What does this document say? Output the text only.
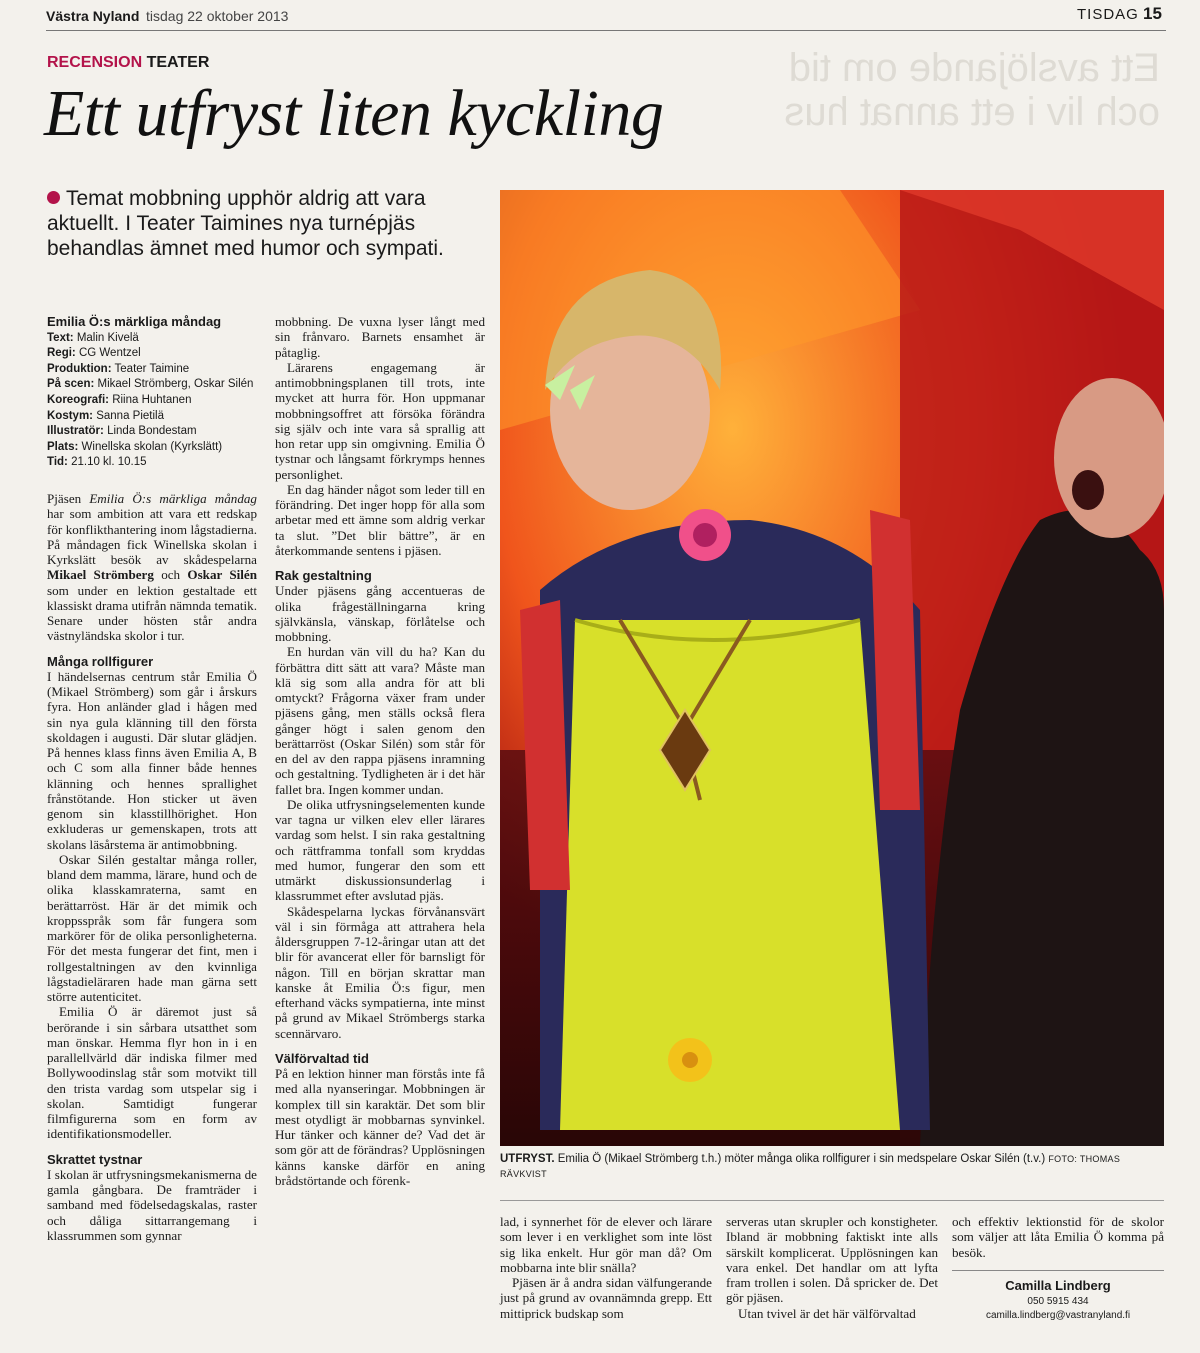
Västra Nyland tisdag 22 oktober 2013	TISDAG 15
Ett avslöjande om tid
och liv i ett annat hus
RECENSION TEATER
Ett utfryst liten kyckling
Temat mobbning upphör aldrig att vara aktuellt. I Teater Taimines nya turnépjäs behandlas ämnet med humor och sympati.
Emilia Ö:s märkliga måndag
Text: Malin Kivelä
Regi: CG Wentzel
Produktion: Teater Taimine
På scen: Mikael Strömberg, Oskar Silén
Koreografi: Riina Huhtanen
Kostym: Sanna Pietilä
Illustratör: Linda Bondestam
Plats: Winellska skolan (Kyrkslätt)
Tid: 21.10 kl. 10.15

Pjäsen Emilia Ö:s märkliga måndag har som ambition att vara ett redskap för konflikthantering inom lågstadierna. På måndagen fick Winellska skolan i Kyrkslätt besök av skådespelarna Mikael Strömberg och Oskar Silén som under en lektion gestaltade ett klassiskt drama utifrån nämnda tematik. Senare under hösten står andra västnyländska skolor i tur.

Många rollfigurer

I händelsernas centrum står Emilia Ö (Mikael Strömberg) som går i årskurs fyra. Hon anländer glad i hågen med sin nya gula klänning till den första skoldagen i augusti. Där slutar glädjen. På hennes klass finns även Emilia A, B och C som alla finner både hennes klänning och hennes sprallighet frånstötande. Hon sticker ut även genom sin klasstillhörighet. Hon exkluderas ur gemenskapen, trots att skolans läsårstema är antimobbning.

Oskar Silén gestaltar många roller, bland dem mamma, lärare, hund och de olika klasskamraterna, samt en berättarröst. Här är det mimik och kroppsspråk som får fungera som markörer för de olika personligheterna. För det mesta fungerar det fint, men i rollgestaltningen av den kvinnliga lågstadieläraren hade man gärna sett större autenticitet.

Emilia Ö är däremot just så berörande i sin sårbara utsatthet som man önskar. Hemma flyr hon in i en parallellvärld där indiska filmer med Bollywoodinslag står som motvikt till den trista vardag som utspelar sig i skolan. Samtidigt fungerar filmfigurerna som en form av identifikationsmodeller.

Skrattet tystnar

I skolan är utfrysningsmekanismerna de gamla gångbara. De framträder i samband med födelsedagskalas, raster och dåliga sittarrangemang i klassrummen som gynnar

mobbning. De vuxna lyser långt med sin frånvaro. Barnets ensamhet är påtaglig.

Lärarens engagemang är antimobbningsplanen till trots, inte mycket att hurra för. Hon uppmanar mobbningsoffret att försöka förändra sig själv och inte vara så sprallig att hon retar upp sin omgivning. Emilia Ö tystnar och långsamt förkrymps hennes personlighet.

En dag händer något som leder till en förändring. Det inger hopp för alla som arbetar med ett ämne som aldrig verkar ta slut. ”Det blir bättre”, är en återkommande sentens i pjäsen.

Rak gestaltning

Under pjäsens gång accentueras de olika frågeställningarna kring självkänsla, vänskap, förlåtelse och mobbning.

En hurdan vän vill du ha? Kan du förbättra ditt sätt att vara? Måste man klä sig som alla andra för att bli omtyckt? Frågorna växer fram under pjäsens gång, men ställs också flera gånger högt i salen genom den berättarröst (Oskar Silén) som står för en del av den rappa pjäsens inramning och gestaltning. Tydligheten är i det här fallet bra. Ingen kommer undan.

De olika utfrysningselementen kunde var tagna ur vilken elev eller lärares vardag som helst. I sin raka gestaltning och rättframma tonfall som kryddas med humor, fungerar den som ett utmärkt diskussionsunderlag i klassrummet efter avslutad pjäs.

Skådespelarna lyckas förvånansvärt väl i sin förmåga att attrahera hela åldersgruppen 7-12-åringar utan att det blir för avancerat eller för barnsligt för någon. Till en början skrattar man kanske åt Emilia Ö:s figur, men efterhand väcks sympatierna, inte minst på grund av Mikael Strömbergs starka scennärvaro.

Välförvaltad tid

På en lektion hinner man förstås inte få med alla nyanseringar. Mobbningen är komplex till sin karaktär. Det som blir mest otydligt är mobbarnas synvinkel. Hur tänker och känner de? Vad det är som gör att de förändras? Upplösningen känns kanske därför en aning brådstörtande och förenk-

UTFRYST. Emilia Ö (Mikael Strömberg t.h.) möter många olika rollfigurer i sin medspelare Oskar Silén (t.v.) FOTO: THOMAS RÄVKVIST

lad, i synnerhet för de elever och lärare som lever i en verklighet som inte löst sig lika enkelt. Hur gör man då? Om mobbarna inte blir snälla?

Pjäsen är å andra sidan välfungerande just på grund av ovannämnda grepp. Ett mittiprick budskap som

serveras utan skrupler och konstigheter. Ibland är mobbning faktiskt inte alls särskilt komplicerat. Upplösningen kan vara enkel. Det handlar om att lyfta fram trollen i solen. Då spricker de. Det gör pjäsen.

Utan tvivel är det här välförvaltad

och effektiv lektionstid för de skolor som väljer att låta Emilia Ö komma på besök.

Camilla Lindberg
050 5915 434
camilla.lindberg@vastranyland.fi
